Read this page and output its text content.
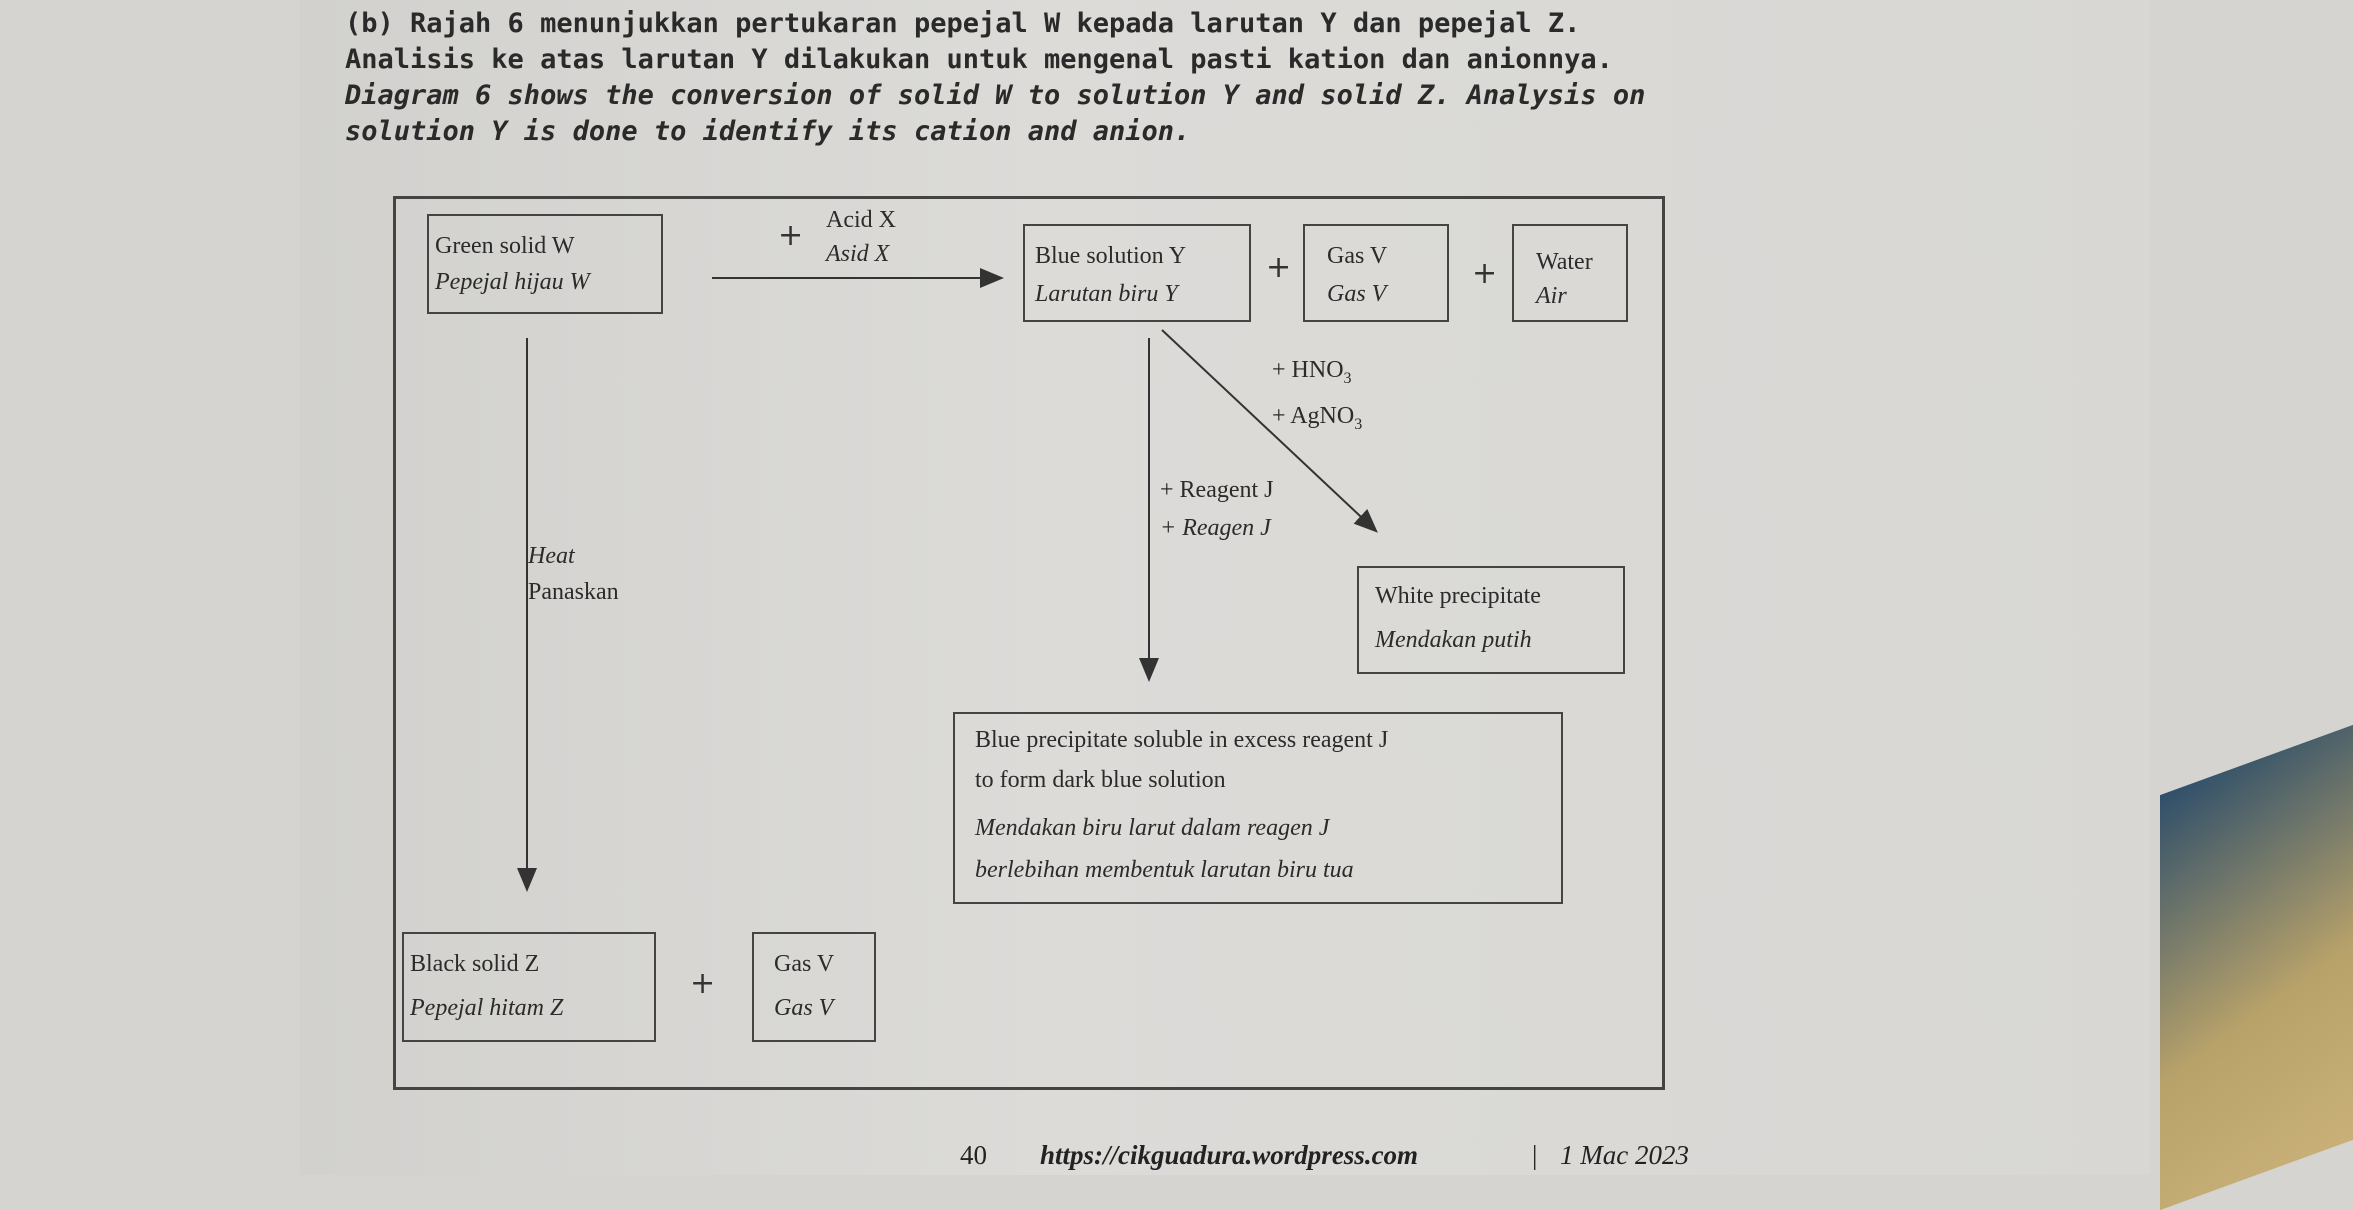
(b) Rajah 6 menunjukkan pertukaran pepejal W kepada larutan Y dan pepejal Z.
Analisis ke atas larutan Y dilakukan untuk mengenal pasti kation dan anionnya.
Diagram 6 shows the conversion of solid W to solution Y and solid Z. Analysis on
solution Y is done to identify its cation and anion.
Green solid W
Pepejal hijau W
+ Acid X
Asid X	Blue solution Y
Larutan biru Y
+ Gas V
Gas V
+ Water
Air
+ $HNO_3$
+ AgNO$_3$
+ Reagent J
+ Reagen J
White precipitate
Mendakan putih
Heat
Panaskan
Blue precipitate soluble in excess reagent J
to form dark blue solution
Mendakan biru larut dalam reagen J
berlebihan membentuk larutan biru tua
Black solid Z
Pepejal hitam Z
+
Gas V
Gas V
40 https://cikguadura.wordpress.com	| 1 Mac 2023
